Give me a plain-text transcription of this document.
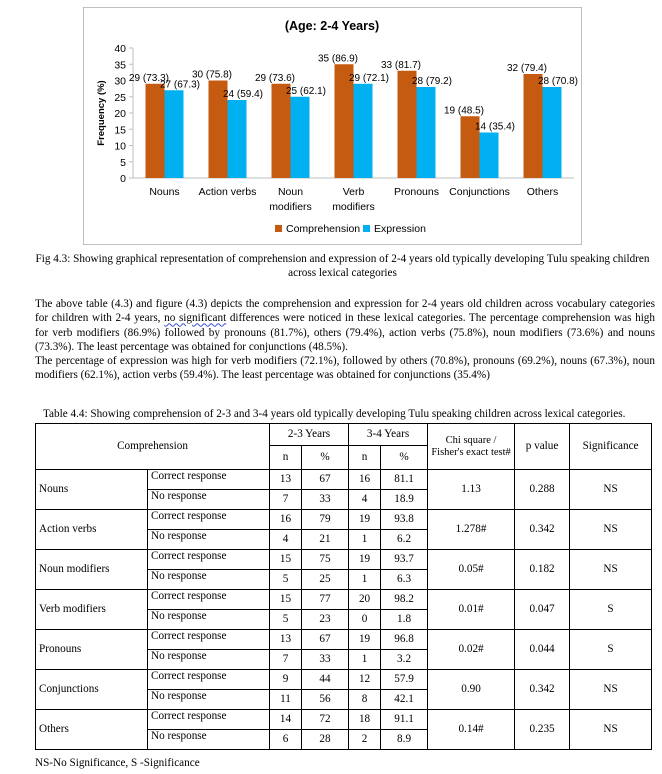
(Age: 2-4 Years)
0
5
10
15
20
25
30
35
40
Frequency (%)
29 (73.3)
27 (67.3)
Nouns
30 (75.8)
24 (59.4)
Action verbs
29 (73.6)
25 (62.1)
Noun
modifiers
35 (86.9)
29 (72.1)
Verb
modifiers
33 (81.7)
28 (79.2)
Pronouns
19 (48.5)
14 (35.4)
Conjunctions
32 (79.4)
28 (70.8)
Others
Comprehension Expression
Fig 4.3: Showing graphical representation of comprehension and expression of 2-4 years old typically developing Tulu speaking children across lexical categories
The above table (4.3) and figure (4.3) depicts the comprehension and expression for 2-4 years old children across vocabulary categories for children with 2-4 years, no significant differences were noticed in these lexical categories. The percentage comprehension was high for verb modifiers (86.9%) followed by pronouns (81.7%), others (79.4%), action verbs (75.8%), noun modifiers (73.6%) and nouns (73.3%). The least percentage was obtained for conjunctions (48.5%).
The percentage of expression was high for verb modifiers (72.1%), followed by others (70.8%), pronouns (69.2%), nouns (67.3%), noun modifiers (62.1%), action verbs (59.4%). The least percentage was obtained for conjunctions (35.4%)
Table 4.4: Showing comprehension of 2-3 and 3-4 years old typically developing Tulu speaking children across lexical categories.
Comprehension		2-3 Years		3-4 Years		Chi square / Fisher's exact test#	p value	Significance
		n	%	n	%			
Nouns	Correct response	13	67	16	81.1	1.13	0.288	NS
	No response	7	33	4	18.9			
Action verbs	Correct response	16	79	19	93.8	1.278#	0.342	NS
	No response	4	21	1	6.2			
Noun modifiers	Correct response	15	75	19	93.7	0.05#	0.182	NS
	No response	5	25	1	6.3			
Verb modifiers	Correct response	15	77	20	98.2	0.01#	0.047	S
	No response	5	23	0	1.8			
Pronouns	Correct response	13	67	19	96.8	0.02#	0.044	S
	No response	7	33	1	3.2			
Conjunctions	Correct response	9	44	12	57.9	0.90	0.342	NS
	No response	11	56	8	42.1			
Others	Correct response	14	72	18	91.1	0.14#	0.235	NS
	No response	6	28	2	8.9			
NS-No Significance, S -Significance
